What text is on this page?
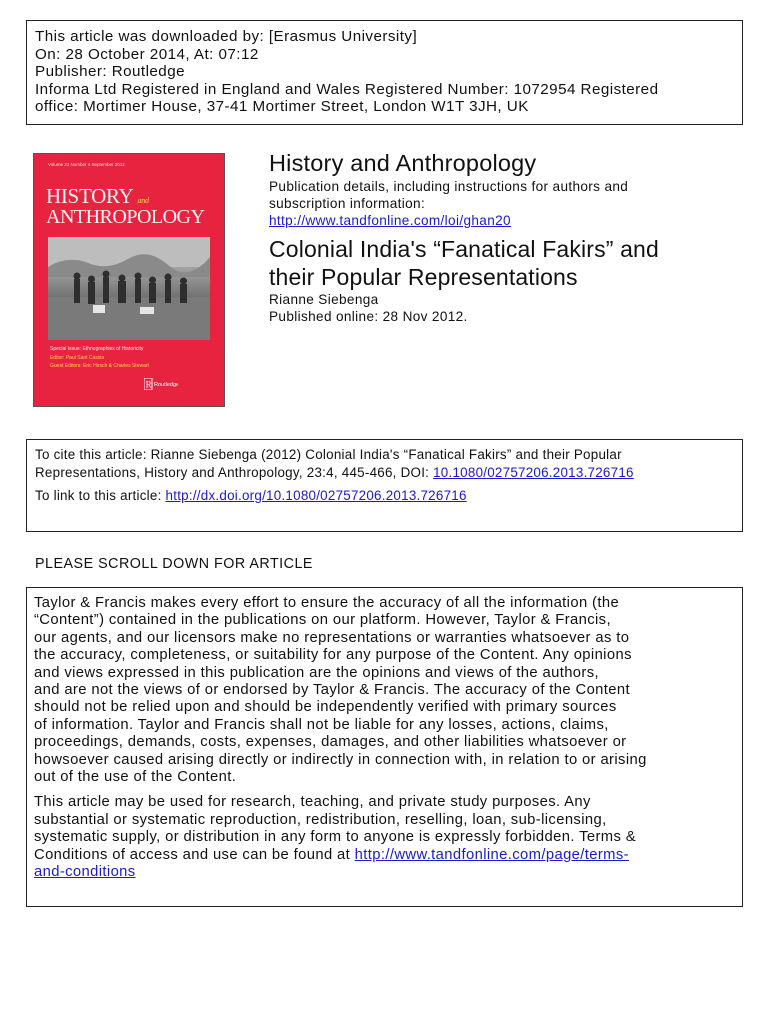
This article was downloaded by: [Erasmus University]
On: 28 October 2014, At: 07:12
Publisher: Routledge
Informa Ltd Registered in England and Wales Registered Number: 1072954 Registered
office: Mortimer House, 37-41 Mortimer Street, London W1T 3JH, UK
Volume 23 Number 4 September 2012
HISTORY and
ANTHROPOLOGY
Special Issue: Ethnographies of Historicity
Editor: Paul Sant Cassia
Guest Editors: Eric Hirsch & Charles Stewart
R Routledge
History and Anthropology
Publication details, including instructions for authors and
subscription information:
http://www.tandfonline.com/loi/ghan20
Colonial India's “Fanatical Fakirs” and
their Popular Representations
Rianne Siebenga
Published online: 28 Nov 2012.
To cite this article: Rianne Siebenga (2012) Colonial India's “Fanatical Fakirs” and their Popular
Representations, History and Anthropology, 23:4, 445-466, DOI: 10.1080/02757206.2013.726716
To link to this article: http://dx.doi.org/10.1080/02757206.2013.726716
PLEASE SCROLL DOWN FOR ARTICLE
Taylor & Francis makes every effort to ensure the accuracy of all the information (the
“Content”) contained in the publications on our platform. However, Taylor & Francis,
our agents, and our licensors make no representations or warranties whatsoever as to
the accuracy, completeness, or suitability for any purpose of the Content. Any opinions
and views expressed in this publication are the opinions and views of the authors,
and are not the views of or endorsed by Taylor & Francis. The accuracy of the Content
should not be relied upon and should be independently verified with primary sources
of information. Taylor and Francis shall not be liable for any losses, actions, claims,
proceedings, demands, costs, expenses, damages, and other liabilities whatsoever or
howsoever caused arising directly or indirectly in connection with, in relation to or arising
out of the use of the Content.
This article may be used for research, teaching, and private study purposes. Any
substantial or systematic reproduction, redistribution, reselling, loan, sub-licensing,
systematic supply, or distribution in any form to anyone is expressly forbidden. Terms &
Conditions of access and use can be found at http://www.tandfonline.com/page/terms-
and-conditions
